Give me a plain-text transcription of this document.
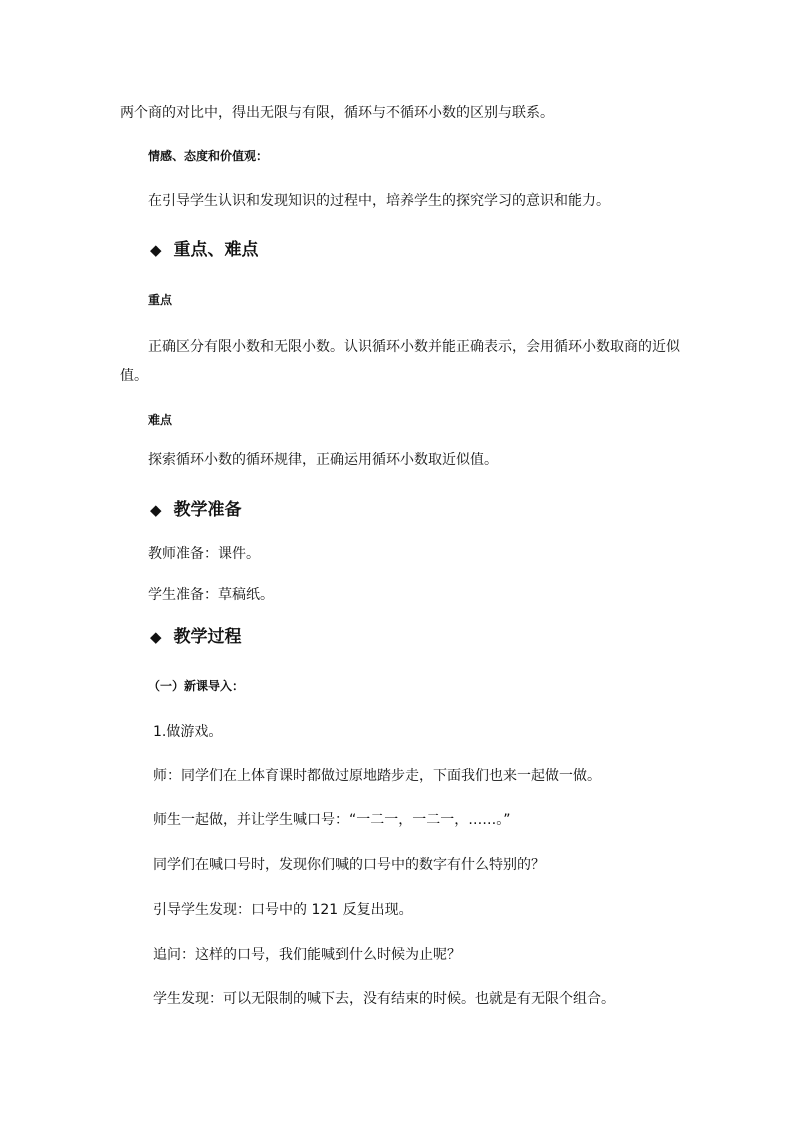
两个商的对比中，得出无限与有限，循环与不循环小数的区别与联系。
情感、态度和价值观：
在引导学生认识和发现知识的过程中，培养学生的探究学习的意识和能力。
◆ 重点、难点
重点
正确区分有限小数和无限小数。认识循环小数并能正确表示，会用循环小数取商的近似
值。
难点
探索循环小数的循环规律，正确运用循环小数取近似值。
◆ 教学准备
教师准备：课件。
学生准备：草稿纸。
◆ 教学过程
（一）新课导入：
1.做游戏。
师：同学们在上体育课时都做过原地踏步走，下面我们也来一起做一做。
师生一起做，并让学生喊口号：“一二一，一二一，……。”
同学们在喊口号时，发现你们喊的口号中的数字有什么特别的？
引导学生发现：口号中的 121 反复出现。
追问：这样的口号，我们能喊到什么时候为止呢？
学生发现：可以无限制的喊下去，没有结束的时候。也就是有无限个组合。
